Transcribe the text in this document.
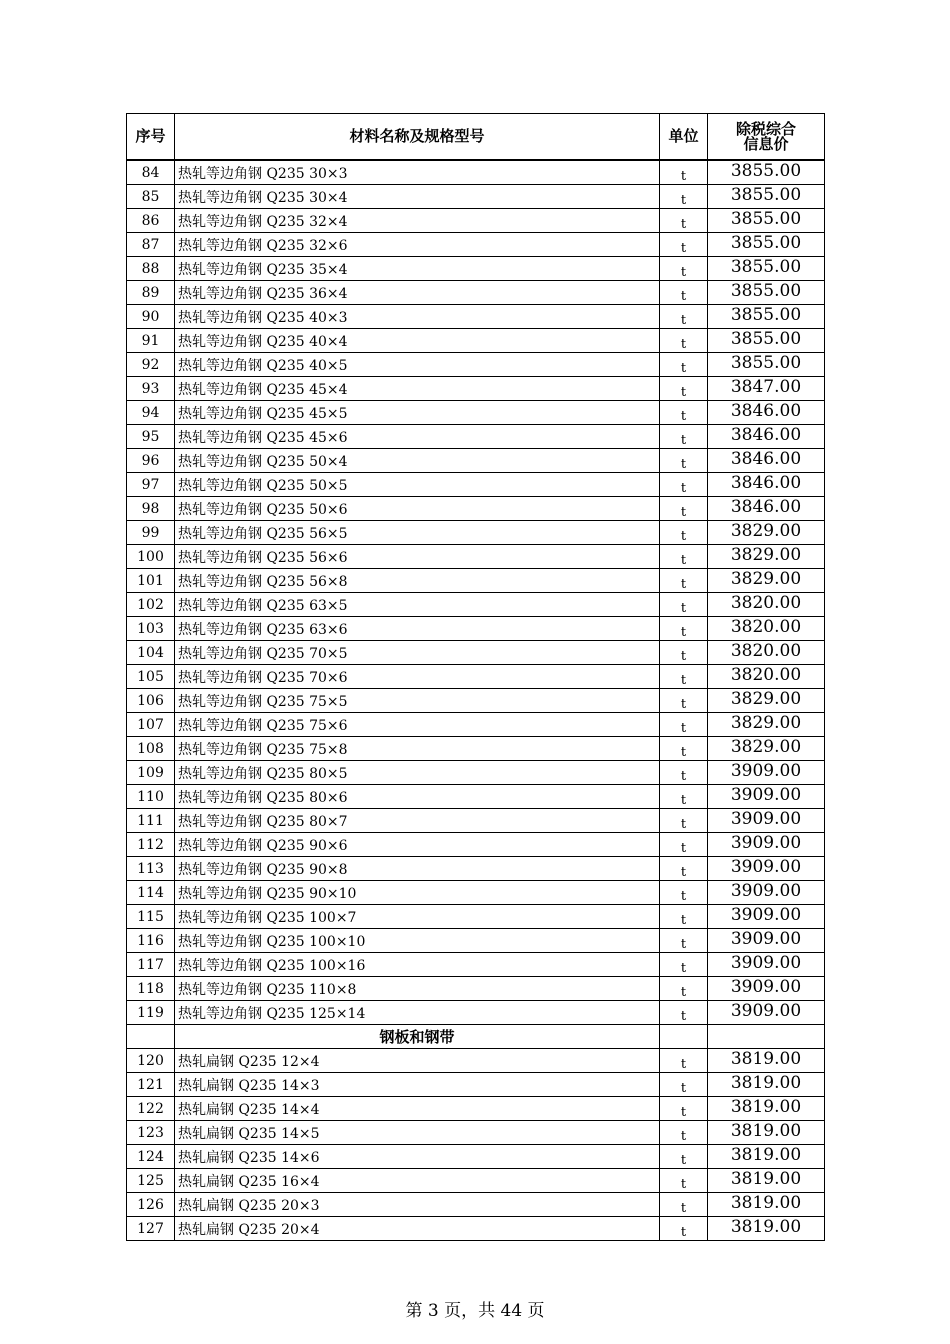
序号	材料名称及规格型号	单位	除税综合
信息价

84	热轧等边角钢 Q235 30×3	t	3855.00
85	热轧等边角钢 Q235 30×4	t	3855.00
86	热轧等边角钢 Q235 32×4	t	3855.00
87	热轧等边角钢 Q235 32×6	t	3855.00
88	热轧等边角钢 Q235 35×4	t	3855.00
89	热轧等边角钢 Q235 36×4	t	3855.00
90	热轧等边角钢 Q235 40×3	t	3855.00
91	热轧等边角钢 Q235 40×4	t	3855.00
92	热轧等边角钢 Q235 40×5	t	3855.00
93	热轧等边角钢 Q235 45×4	t	3847.00
94	热轧等边角钢 Q235 45×5	t	3846.00
95	热轧等边角钢 Q235 45×6	t	3846.00
96	热轧等边角钢 Q235 50×4	t	3846.00
97	热轧等边角钢 Q235 50×5	t	3846.00
98	热轧等边角钢 Q235 50×6	t	3846.00
99	热轧等边角钢 Q235 56×5	t	3829.00
100	热轧等边角钢 Q235 56×6	t	3829.00
101	热轧等边角钢 Q235 56×8	t	3829.00
102	热轧等边角钢 Q235 63×5	t	3820.00
103	热轧等边角钢 Q235 63×6	t	3820.00
104	热轧等边角钢 Q235 70×5	t	3820.00
105	热轧等边角钢 Q235 70×6	t	3820.00
106	热轧等边角钢 Q235 75×5	t	3829.00
107	热轧等边角钢 Q235 75×6	t	3829.00
108	热轧等边角钢 Q235 75×8	t	3829.00
109	热轧等边角钢 Q235 80×5	t	3909.00
110	热轧等边角钢 Q235 80×6	t	3909.00
111	热轧等边角钢 Q235 80×7	t	3909.00
112	热轧等边角钢 Q235 90×6	t	3909.00
113	热轧等边角钢 Q235 90×8	t	3909.00
114	热轧等边角钢 Q235 90×10	t	3909.00
115	热轧等边角钢 Q235 100×7	t	3909.00
116	热轧等边角钢 Q235 100×10	t	3909.00
117	热轧等边角钢 Q235 100×16	t	3909.00
118	热轧等边角钢 Q235 110×8	t	3909.00
119	热轧等边角钢 Q235 125×14	t	3909.00
	钢板和钢带		
120	热轧扁钢 Q235 12×4	t	3819.00
121	热轧扁钢 Q235 14×3	t	3819.00
122	热轧扁钢 Q235 14×4	t	3819.00
123	热轧扁钢 Q235 14×5	t	3819.00
124	热轧扁钢 Q235 14×6	t	3819.00
125	热轧扁钢 Q235 16×4	t	3819.00
126	热轧扁钢 Q235 20×3	t	3819.00
127	热轧扁钢 Q235 20×4	t	3819.00
第 3 页，共 44 页
